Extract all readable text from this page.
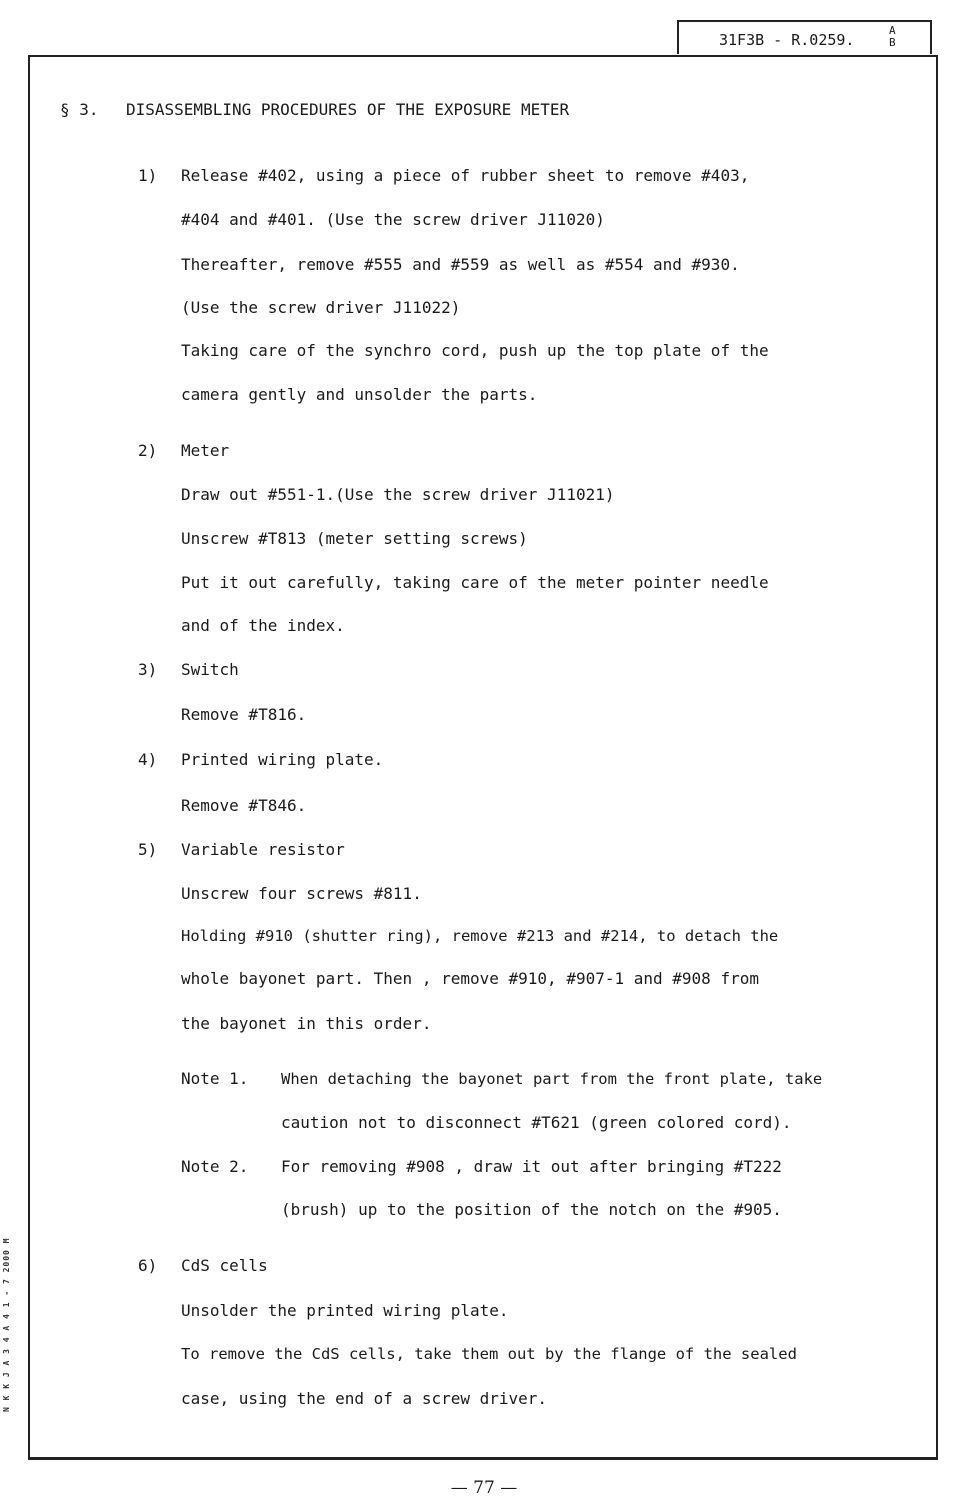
31F3B - R.0259.
A
B
§ 3. DISASSEMBLING PROCEDURES OF THE EXPOSURE METER
1) Release #402, using a piece of rubber sheet to remove #403,
#404 and #401. (Use the screw driver J11020)
Thereafter, remove #555 and #559 as well as #554 and #930.
(Use the screw driver J11022)
Taking care of the synchro cord, push up the top plate of the
camera gently and unsolder the parts.
2) Meter
Draw out #551-1.(Use the screw driver J11021)
Unscrew #T813 (meter setting screws)
Put it out carefully, taking care of the meter pointer needle
and of the index.
3) Switch
Remove #T816.
4) Printed wiring plate.
Remove #T846.
5) Variable resistor
Unscrew four screws #811.
Holding #910 (shutter ring), remove #213 and #214, to detach the
whole bayonet part. Then , remove #910, #907-1 and #908 from
the bayonet in this order.
Note 1. When detaching the bayonet part from the front plate, take
caution not to disconnect #T621 (green colored cord).
Note 2. For removing #908 , draw it out after bringing #T222
(brush) up to the position of the notch on the #905.
6) CdS cells
Unsolder the printed wiring plate.
To remove the CdS cells, take them out by the flange of the sealed
case, using the end of a screw driver.
N K K J A 3 4 A 4 1 - 7 2000 M
— 77 —
